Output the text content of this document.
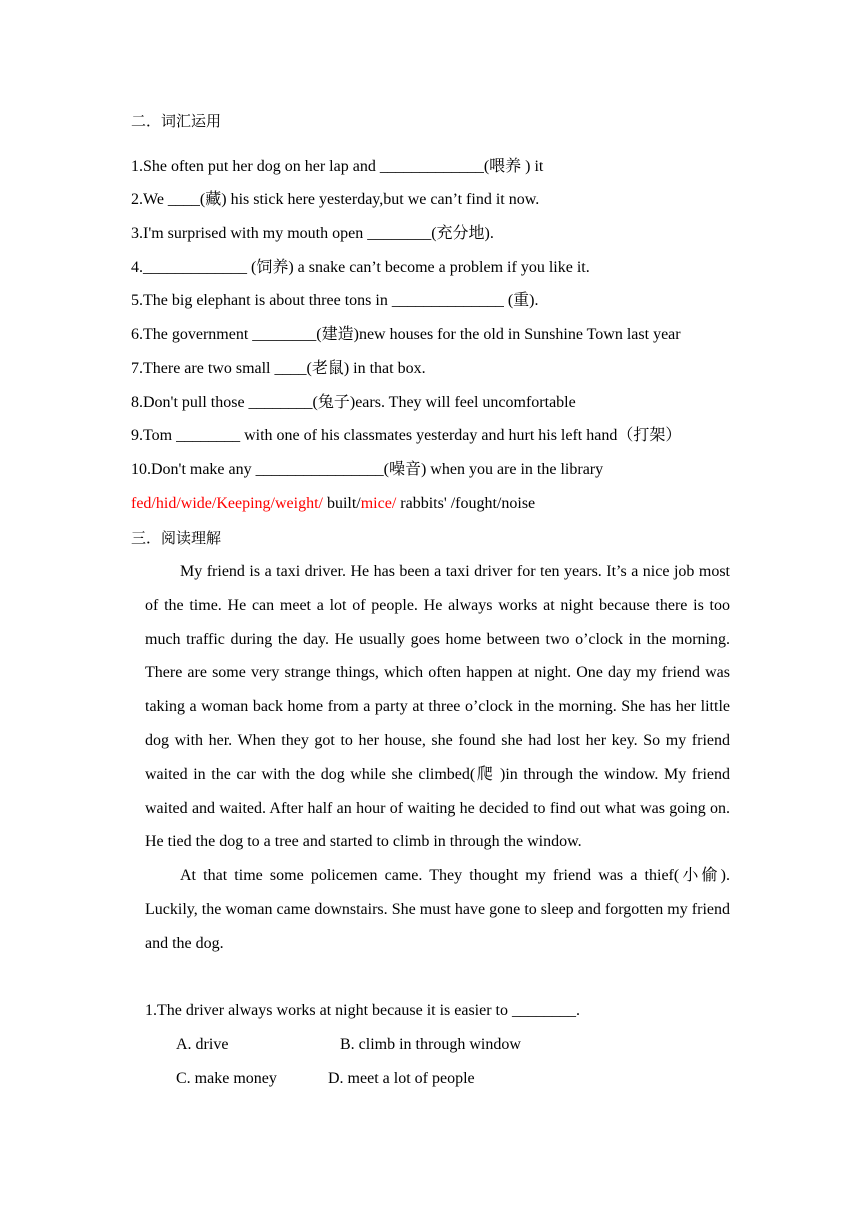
二．词汇运用
1.She often put her dog on her lap and _____________(喂养 ) it
2.We ____(藏) his stick here yesterday,but we can’t find it now.
3.I'm surprised with my mouth open ________(充分地).
4._____________ (饲养) a snake can’t become a problem if you like it.
5.The big elephant is about three tons in ______________ (重).
6.The government ________(建造)new houses for the old in Sunshine Town last year
7.There are two small ____(老鼠) in that box.
8.Don't pull those ________(兔子)ears. They will feel uncomfortable
9.Tom ________ with one of his classmates yesterday and hurt his left hand（打架）
10.Don't make any ________________(噪音) when you are in the library
fed/hid/wide/Keeping/weight/ built/mice/ rabbits' /fought/noise
三．阅读理解

My friend is a taxi driver. He has been a taxi driver for ten years. It’s a nice job most of the time. He can meet a lot of people. He always works at night because there is too much traffic during the day. He usually goes home between two o’clock in the morning. There are some very strange things, which often happen at night. One day my friend was taking a woman back home from a party at three o’clock in the morning. She has her little dog with her. When they got to her house, she found she had lost her key. So my friend waited in the car with the dog while she climbed(爬 )in through the window. My friend waited and waited. After half an hour of waiting he decided to find out what was going on. He tied the dog to a tree and started to climb in through the window.

At that time some policemen came. They thought my friend was a thief(小偷). Luckily, the woman came downstairs. She must have gone to sleep and forgotten my friend and the dog.

1.The driver always works at night because it is easier to ________.
A. drive	B. climb in through window
C. make money	D. meet a lot of people
